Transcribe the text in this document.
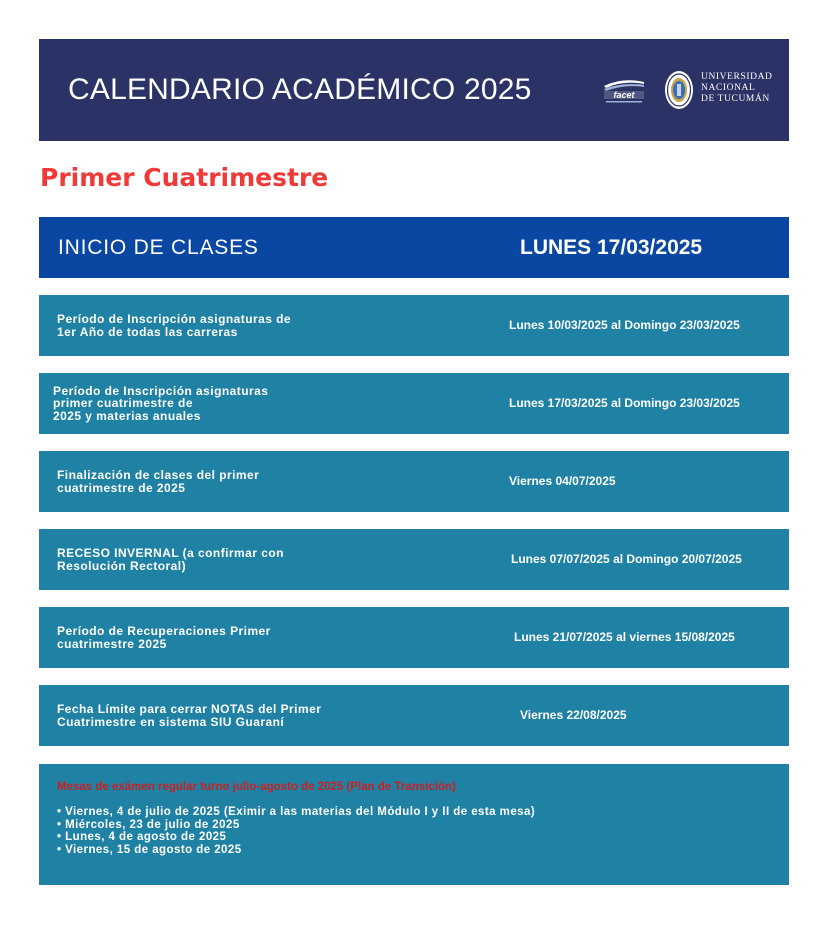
CALENDARIO ACADÉMICO 2025	facet
UNIVERSIDAD
NACIONAL
DE TUCUMÁN
Primer Cuatrimestre
INICIO DE CLASES	LUNES 17/03/2025
Período de Inscripción asignaturas de
1er Año de todas las carreras	Lunes 10/03/2025 al Domingo 23/03/2025
Período de Inscripción asignaturas
primer cuatrimestre de
2025 y materias anuales
Lunes 17/03/2025 al Domingo 23/03/2025
Finalización de clases del primer
cuatrimestre de 2025	Viernes 04/07/2025
RECESO INVERNAL (a confirmar con
Resolución Rectoral)	Lunes 07/07/2025 al Domingo 20/07/2025
Período de Recuperaciones Primer
cuatrimestre 2025	Lunes 21/07/2025 al viernes 15/08/2025
Fecha Límite para cerrar NOTAS del Primer
Cuatrimestre en sistema SIU Guaraní	Viernes 22/08/2025
Mesas de exámen regular turno julio-agosto de 2025 (Plan de Transición)
• Viernes, 4 de julio de 2025 (Eximir a las materias del Módulo I y II de esta mesa)
• Miércoles, 23 de julio de 2025
• Lunes, 4 de agosto de 2025
• Viernes, 15 de agosto de 2025
